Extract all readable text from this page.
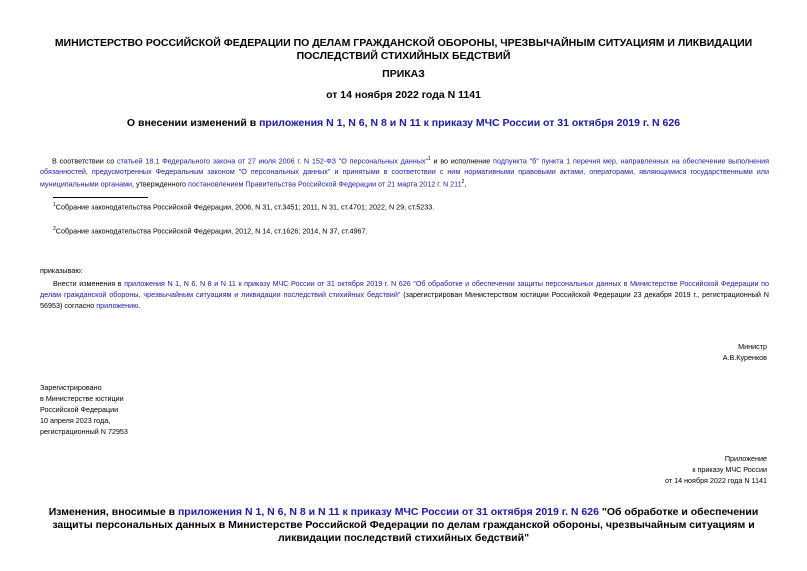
МИНИСТЕРСТВО РОССИЙСКОЙ ФЕДЕРАЦИИ ПО ДЕЛАМ ГРАЖДАНСКОЙ ОБОРОНЫ, ЧРЕЗВЫЧАЙНЫМ СИТУАЦИЯМ И ЛИКВИДАЦИИ ПОСЛЕДСТВИЙ СТИХИЙНЫХ БЕДСТВИЙ
ПРИКАЗ
от 14 ноября 2022 года N 1141
О внесении изменений в приложения N 1, N 6, N 8 и N 11 к приказу МЧС России от 31 октября 2019 г. N 626
В соответствии со статьей 18.1 Федерального закона от 27 июля 2006 г. N 152-ФЗ "О персональных данных"$^1$ и во исполнение подпункта "б" пункта 1 перечня мер, направленных на обеспечение выполнения обязанностей, предусмотренных Федеральным законом "О персональных данных" и принятыми в соответствии с ним нормативными правовыми актами, операторами, являющимися государственными или муниципальными органами, утвержденного постановлением Правительства Российской Федерации от 21 марта 2012 г. N $211^2$,
$^1$Собрание законодательства Российской Федерации, 2006, N 31, ст.3451; 2011, N 31, ст.4701; 2022, N 29, ст.5233.
$^2$Собрание законодательства Российской Федерации, 2012, N 14, ст.1626; 2014, N 37, ст.4967.
приказываю:
Внести изменения в приложения N 1, N 6, N 8 и N 11 к приказу МЧС России от 31 октября 2019 г. N 626 "Об обработке и обеспечении защиты персональных данных в Министерстве Российской Федерации по делам гражданской обороны, чрезвычайным ситуациям и ликвидации последствий стихийных бедствий" (зарегистрирован Министерством юстиции Российской Федерации 23 декабря 2019 г., регистрационный N 56953) согласно приложению.
Министр
А.В.Куренков
Зарегистрировано
в Министерстве юстиции
Российской Федерации
10 апреля 2023 года,
регистрационный N 72953
Приложение
к приказу МЧС России
от 14 ноября 2022 года N 1141
Изменения, вносимые в приложения N 1, N 6, N 8 и N 11 к приказу МЧС России от 31 октября 2019 г. N 626 "Об обработке и обеспечении защиты персональных данных в Министерстве Российской Федерации по делам гражданской обороны, чрезвычайным ситуациям и ликвидации последствий стихийных бедствий"
